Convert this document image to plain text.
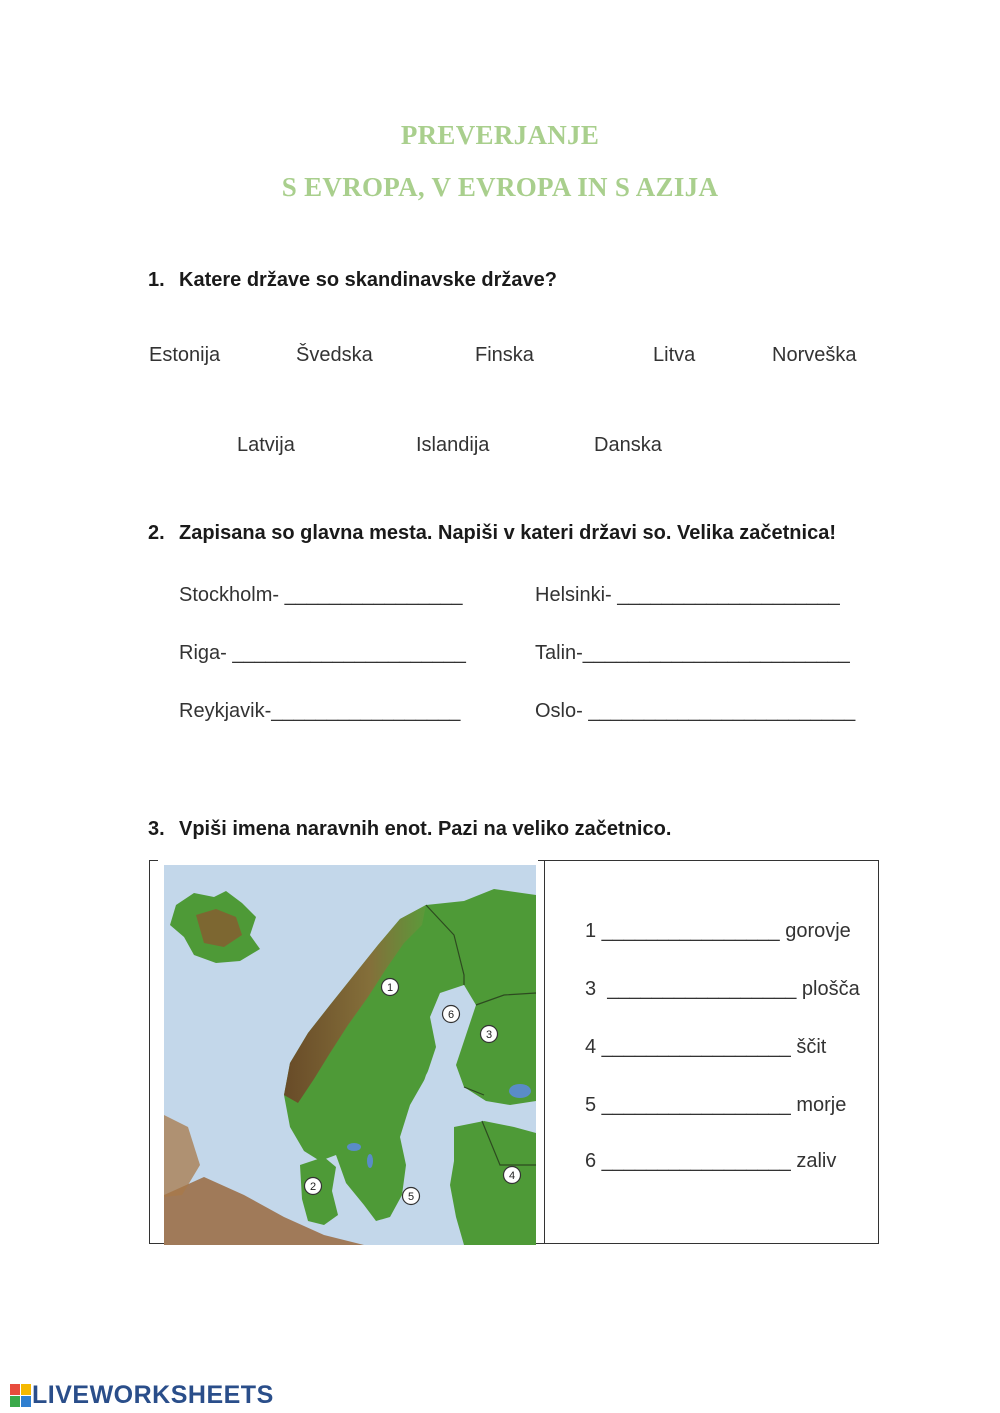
PREVERJANJE
S EVROPA, V EVROPA IN S AZIJA
1. Katere države so skandinavske države?
Estonija	Švedska	Finska	Litva	Norveška
Latvija	Islandija	Danska
2. Zapisana so glavna mesta. Napiši v kateri državi so. Velika začetnica!
Stockholm- ________________	Helsinki- ____________________
Riga- _____________________	Talin-________________________
Reykjavik-_________________	Oslo- ________________________
3. Vpiši imena naravnih enot. Pazi na veliko začetnico.
1
6
3
4
2
5
1 ________________ gorovje
3  _________________ plošča
4 _________________ ščit
5 _________________ morje
6 _________________ zaliv
LIVEWORKSHEETS
